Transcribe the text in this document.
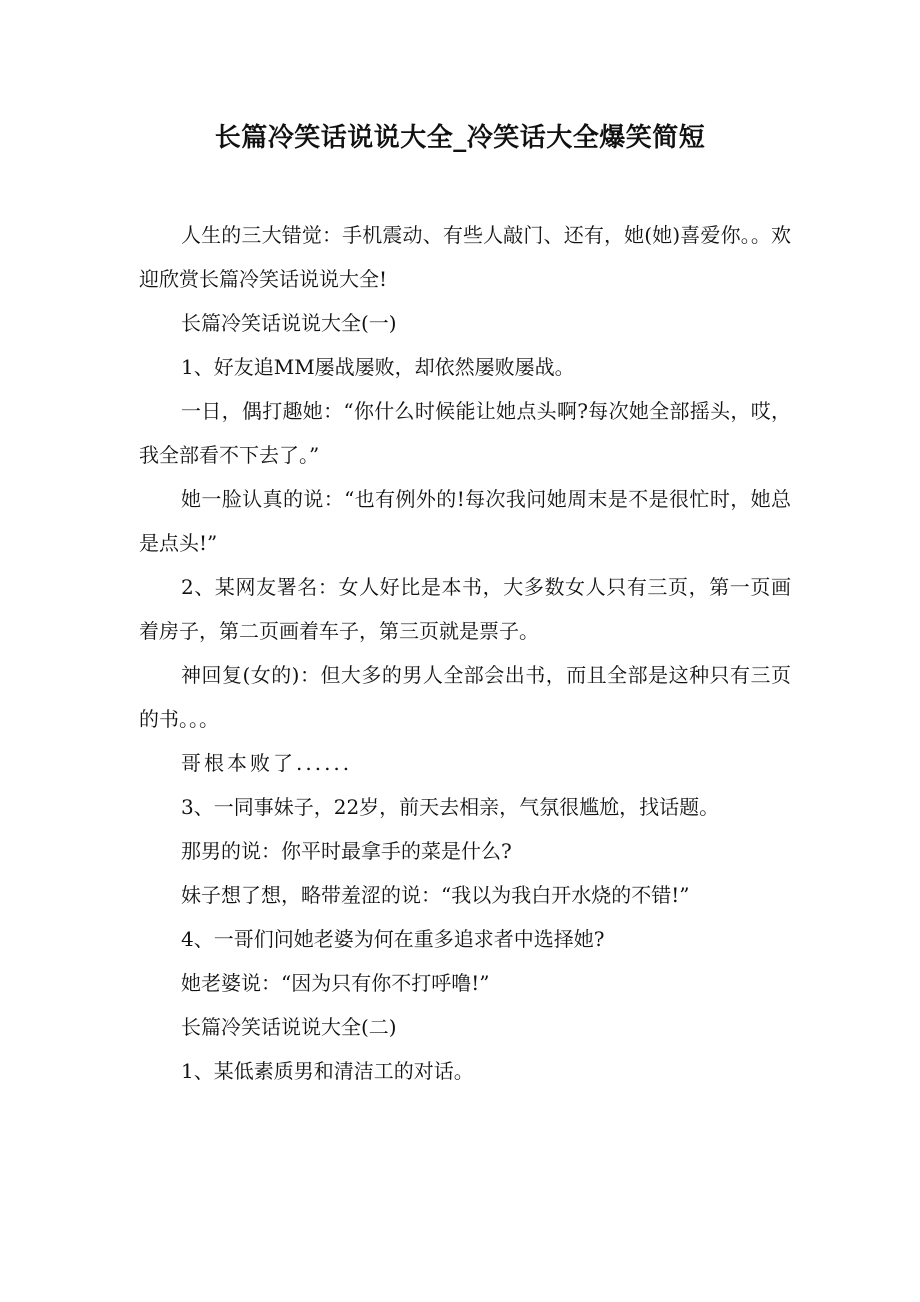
长篇冷笑话说说大全_冷笑话大全爆笑简短

人生的三大错觉：手机震动、有些人敲门、还有，她(她)喜爱你。。欢迎欣赏长篇冷笑话说说大全!

长篇冷笑话说说大全(一)

1、好友追MM屡战屡败，却依然屡败屡战。

一日，偶打趣她：“你什么时候能让她点头啊?每次她全部摇头，哎，我全部看不下去了。”

她一脸认真的说：“也有例外的!每次我问她周末是不是很忙时，她总是点头!”

2、某网友署名：女人好比是本书，大多数女人只有三页，第一页画着房子，第二页画着车子，第三页就是票子。

神回复(女的)：但大多的男人全部会出书，而且全部是这种只有三页的书。。。

哥根本败了......

3、一同事妹子，22岁，前天去相亲，气氛很尴尬，找话题。

那男的说：你平时最拿手的菜是什么?

妹子想了想，略带羞涩的说：“我以为我白开水烧的不错!”

4、一哥们问她老婆为何在重多追求者中选择她?

她老婆说：“因为只有你不打呼噜!”

长篇冷笑话说说大全(二)

1、某低素质男和清洁工的对话。
